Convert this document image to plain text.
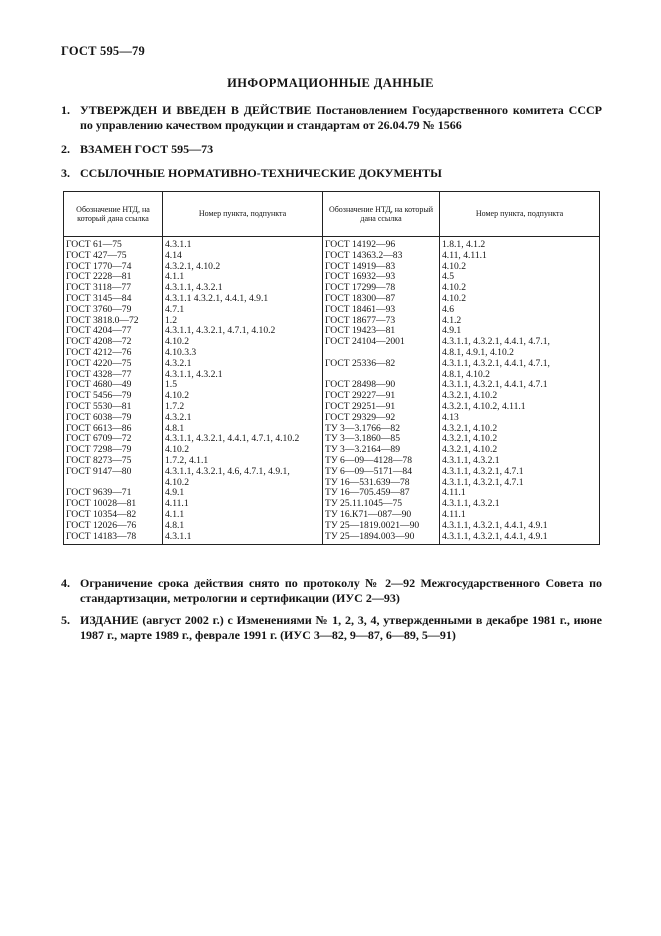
ГОСТ 595—79
ИНФОРМАЦИОННЫЕ ДАННЫЕ
1. УТВЕРЖДЕН И ВВЕДЕН В ДЕЙСТВИЕ Постановлением Государственного комитета СССР по управлению качеством продукции и стандартам от 26.04.79 № 1566
2. ВЗАМЕН ГОСТ 595—73
3. ССЫЛОЧНЫЕ НОРМАТИВНО-ТЕХНИЧЕСКИЕ ДОКУМЕНТЫ
Обозначение НТД, на который дана ссылка	Номер пункта, подпункта	Обозначение НТД, на который дана ссылка	Номер пункта, подпункта
ГОСТ 61—75	4.3.1.1	ГОСТ 14192—96	1.8.1, 4.1.2
ГОСТ 427—75	4.14	ГОСТ 14363.2—83	4.11, 4.11.1
ГОСТ 1770—74	4.3.2.1, 4.10.2	ГОСТ 14919—83	4.10.2
ГОСТ 2228—81	4.1.1	ГОСТ 16932—93	4.5
ГОСТ 3118—77	4.3.1.1, 4.3.2.1	ГОСТ 17299—78	4.10.2
ГОСТ 3145—84	4.3.1.1 4.3.2.1, 4.4.1, 4.9.1	ГОСТ 18300—87	4.10.2
ГОСТ 3760—79	4.7.1	ГОСТ 18461—93	4.6
ГОСТ 3818.0—72	1.2	ГОСТ 18677—73	4.1.2
ГОСТ 4204—77	4.3.1.1, 4.3.2.1, 4.7.1, 4.10.2	ГОСТ 19423—81	4.9.1
ГОСТ 4208—72	4.10.2	ГОСТ 24104—2001	4.3.1.1, 4.3.2.1, 4.4.1, 4.7.1,
ГОСТ 4212—76	4.10.3.3		4.8.1, 4.9.1, 4.10.2
ГОСТ 4220—75	4.3.2.1	ГОСТ 25336—82	4.3.1.1, 4.3.2.1, 4.4.1, 4.7.1,
ГОСТ 4328—77	4.3.1.1, 4.3.2.1		4.8.1, 4.10.2
ГОСТ 4680—49	1.5	ГОСТ 28498—90	4.3.1.1, 4.3.2.1, 4.4.1, 4.7.1
ГОСТ 5456—79	4.10.2	ГОСТ 29227—91	4.3.2.1, 4.10.2
ГОСТ 5530—81	1.7.2	ГОСТ 29251—91	4.3.2.1, 4.10.2, 4.11.1
ГОСТ 6038—79	4.3.2.1	ГОСТ 29329—92	4.13
ГОСТ 6613—86	4.8.1	ТУ 3—3.1766—82	4.3.2.1, 4.10.2
ГОСТ 6709—72	4.3.1.1, 4.3.2.1, 4.4.1, 4.7.1, 4.10.2	ТУ 3—3.1860—85	4.3.2.1, 4.10.2
ГОСТ 7298—79	4.10.2	ТУ 3—3.2164—89	4.3.2.1, 4.10.2
ГОСТ 8273—75	1.7.2, 4.1.1	ТУ 6—09—4128—78	4.3.1.1, 4.3.2.1
ГОСТ 9147—80	4.3.1.1, 4.3.2.1, 4.6, 4.7.1, 4.9.1,	ТУ 6—09—5171—84	4.3.1.1, 4.3.2.1, 4.7.1
	4.10.2	ТУ 16—531.639—78	4.3.1.1, 4.3.2.1, 4.7.1
ГОСТ 9639—71	4.9.1	ТУ 16—705.459—87	4.11.1
ГОСТ 10028—81	4.11.1	ТУ 25.11.1045—75	4.3.1.1, 4.3.2.1
ГОСТ 10354—82	4.1.1	ТУ 16.К71—087—90	4.11.1
ГОСТ 12026—76	4.8.1	ТУ 25—1819.0021—90	4.3.1.1, 4.3.2.1, 4.4.1, 4.9.1
ГОСТ 14183—78	4.3.1.1	ТУ 25—1894.003—90	4.3.1.1, 4.3.2.1, 4.4.1, 4.9.1
4. Ограничение срока действия снято по протоколу № 2—92 Межгосударственного Совета по стандартизации, метрологии и сертификации (ИУС 2—93)
5. ИЗДАНИЕ (август 2002 г.) с Изменениями № 1, 2, 3, 4, утвержденными в декабре 1981 г., июне 1987 г., марте 1989 г., феврале 1991 г. (ИУС 3—82, 9—87, 6—89, 5—91)
